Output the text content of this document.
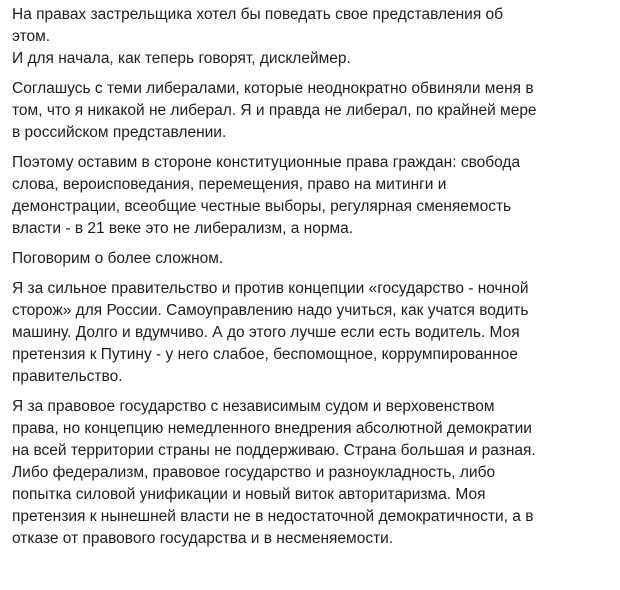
На правах застрельщика хотел бы поведать свое представления об
этом.
И для начала, как теперь говорят, дисклеймер.

Соглашусь с теми либералами, которые неоднократно обвиняли меня в
том, что я никакой не либерал. Я и правда не либерал, по крайней мере
в российском представлении.

Поэтому оставим в стороне конституционные права граждан: свобода
слова, вероисповедания, перемещения, право на митинги и
демонстрации, всеобщие честные выборы, регулярная сменяемость
власти - в 21 веке это не либерализм, а норма.

Поговорим о более сложном.

Я за сильное правительство и против концепции «государство - ночной
сторож» для России. Самоуправлению надо учиться, как учатся водить
машину. Долго и вдумчиво. А до этого лучше если есть водитель. Моя
претензия к Путину - у него слабое, беспомощное, коррумпированное
правительство.

Я за правовое государство с независимым судом и верховенством
права, но концепцию немедленного внедрения абсолютной демократии
на всей территории страны не поддерживаю. Страна большая и разная.
Либо федерализм, правовое государство и разноукладность, либо
попытка силовой унификации и новый виток авторитаризма. Моя
претензия к нынешней власти не в недостаточной демократичности, а в
отказе от правового государства и в несменяемости.
